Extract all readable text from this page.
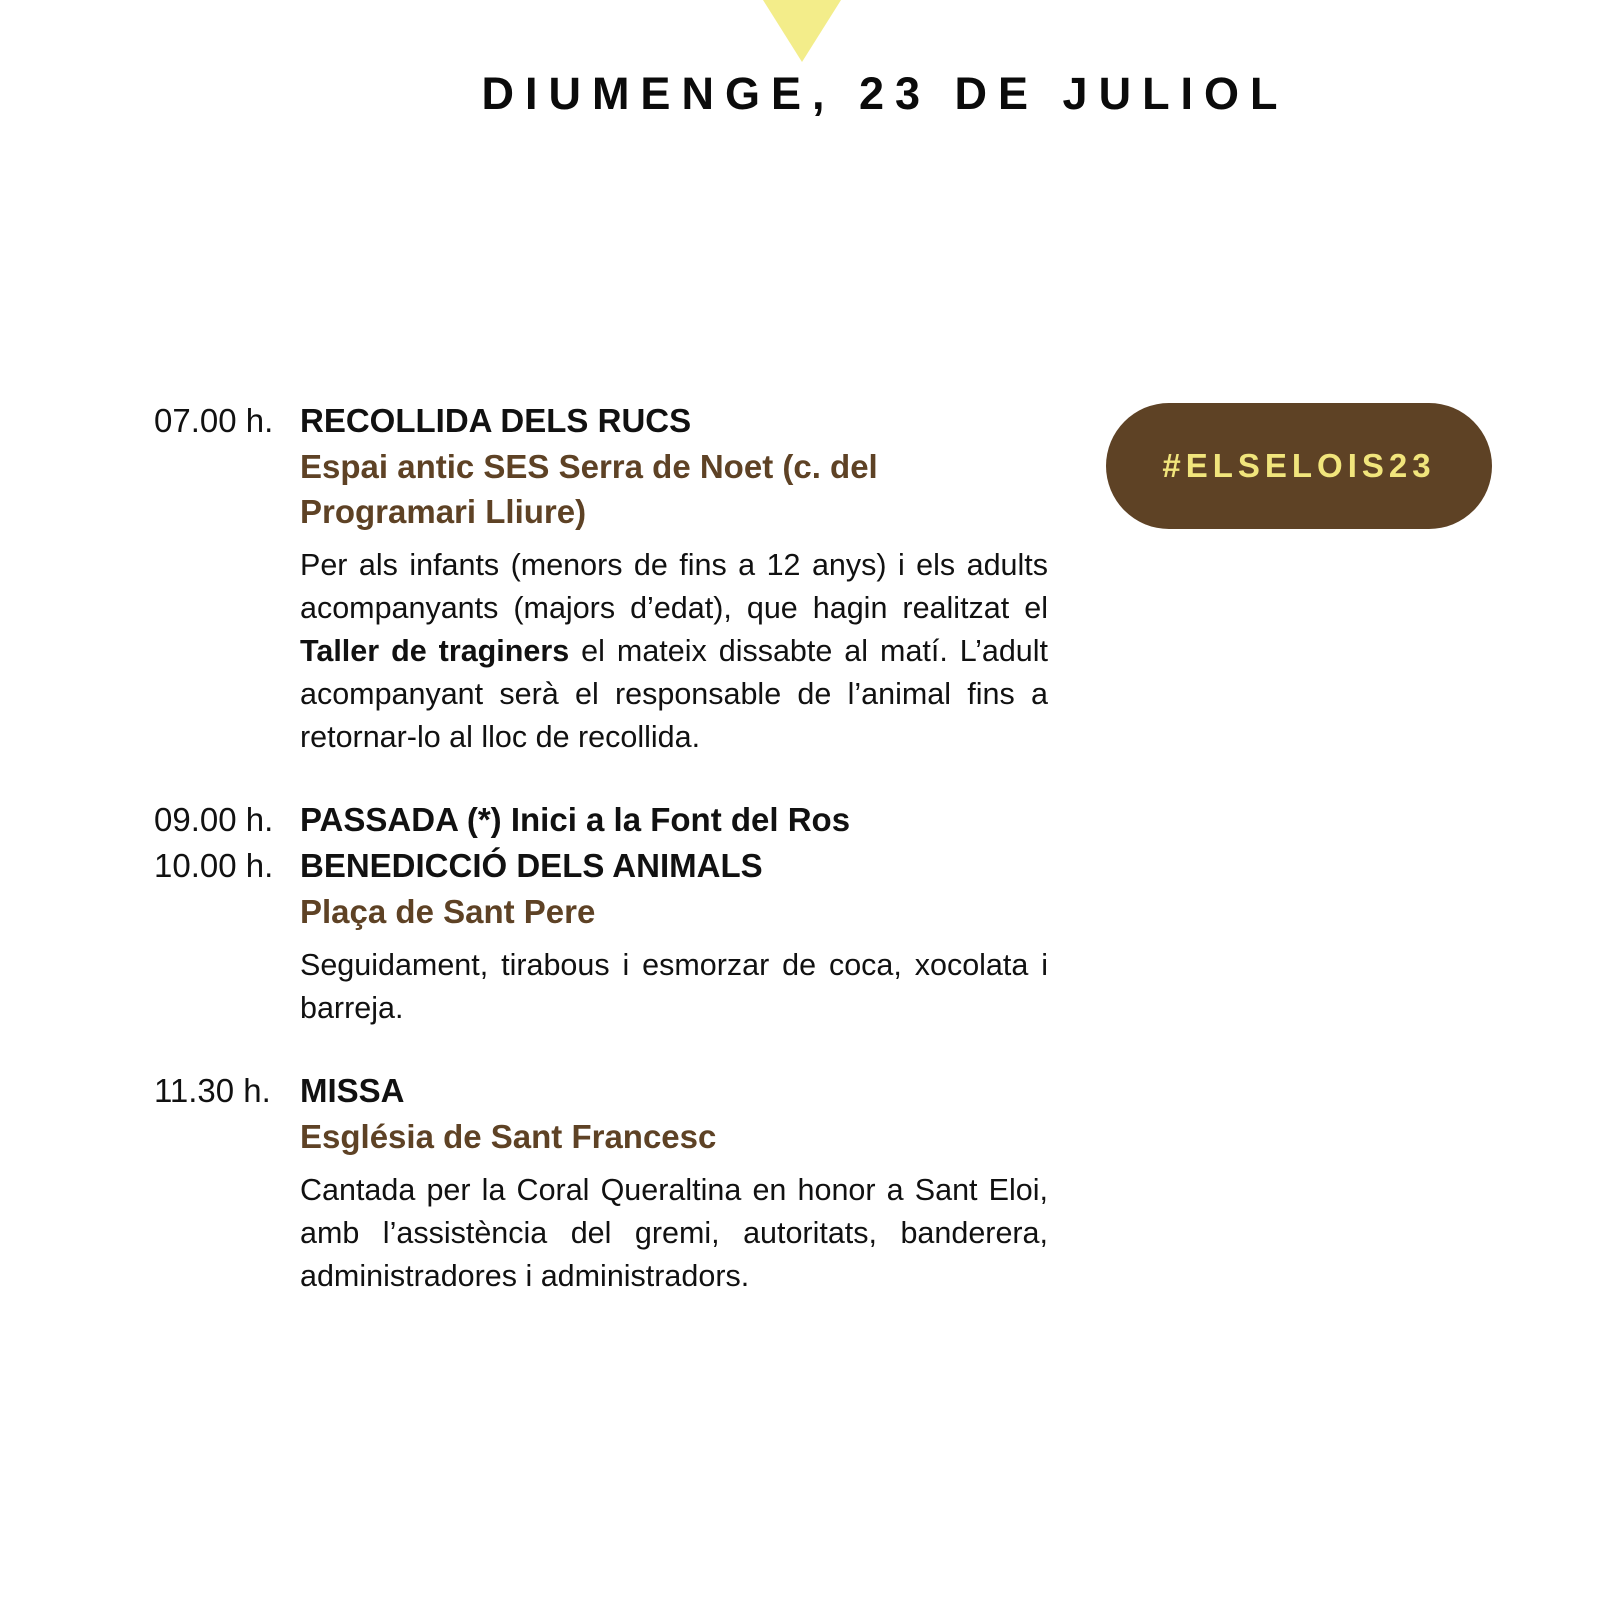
DIUMENGE, 23 DE JULIOL
#ELSELOIS23
07.00 h. RECOLLIDA DELS RUCS
Espai antic SES Serra de Noet (c. del Programari Lliure)
Per als infants (menors de fins a 12 anys) i els adults acompanyants (majors d’edat), que hagin realitzat el Taller de traginers el mateix dissabte al matí. L’adult acompanyant serà el responsable de l’animal fins a retornar-lo al lloc de recollida.
09.00 h. PASSADA (*) Inici a la Font del Ros
10.00 h. BENEDICCIÓ DELS ANIMALS
Plaça de Sant Pere
Seguidament, tirabous i esmorzar de coca, xocolata i barreja.
11.30 h. MISSA
Església de Sant Francesc
Cantada per la Coral Queraltina en honor a Sant Eloi, amb l’assistència del gremi, autoritats, banderera, administradores i administradors.
